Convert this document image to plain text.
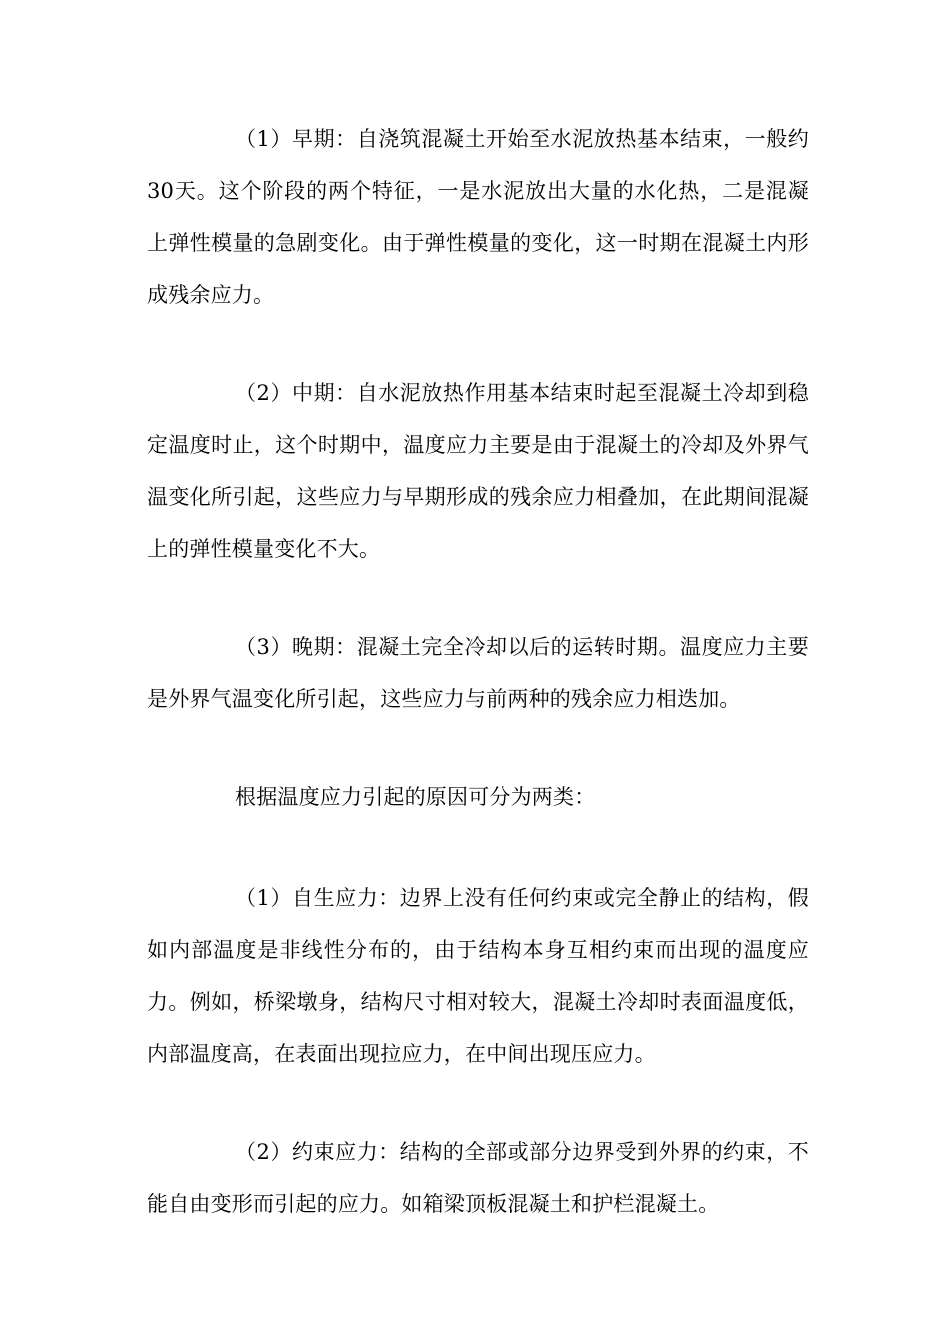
（1）早期：自浇筑混凝土开始至水泥放热基本结束，一般约30天。这个阶段的两个特征，一是水泥放出大量的水化热，二是混凝上弹性模量的急剧变化。由于弹性模量的变化，这一时期在混凝土内形成残余应力。

（2）中期：自水泥放热作用基本结束时起至混凝土冷却到稳定温度时止，这个时期中，温度应力主要是由于混凝土的冷却及外界气温变化所引起，这些应力与早期形成的残余应力相叠加，在此期间混凝上的弹性模量变化不大。

（3）晚期：混凝土完全冷却以后的运转时期。温度应力主要是外界气温变化所引起，这些应力与前两种的残余应力相迭加。

根据温度应力引起的原因可分为两类：

（1）自生应力：边界上没有任何约束或完全静止的结构，假如内部温度是非线性分布的，由于结构本身互相约束而出现的温度应力。例如，桥梁墩身，结构尺寸相对较大，混凝土冷却时表面温度低，内部温度高，在表面出现拉应力，在中间出现压应力。

（2）约束应力：结构的全部或部分边界受到外界的约束，不能自由变形而引起的应力。如箱梁顶板混凝土和护栏混凝土。
